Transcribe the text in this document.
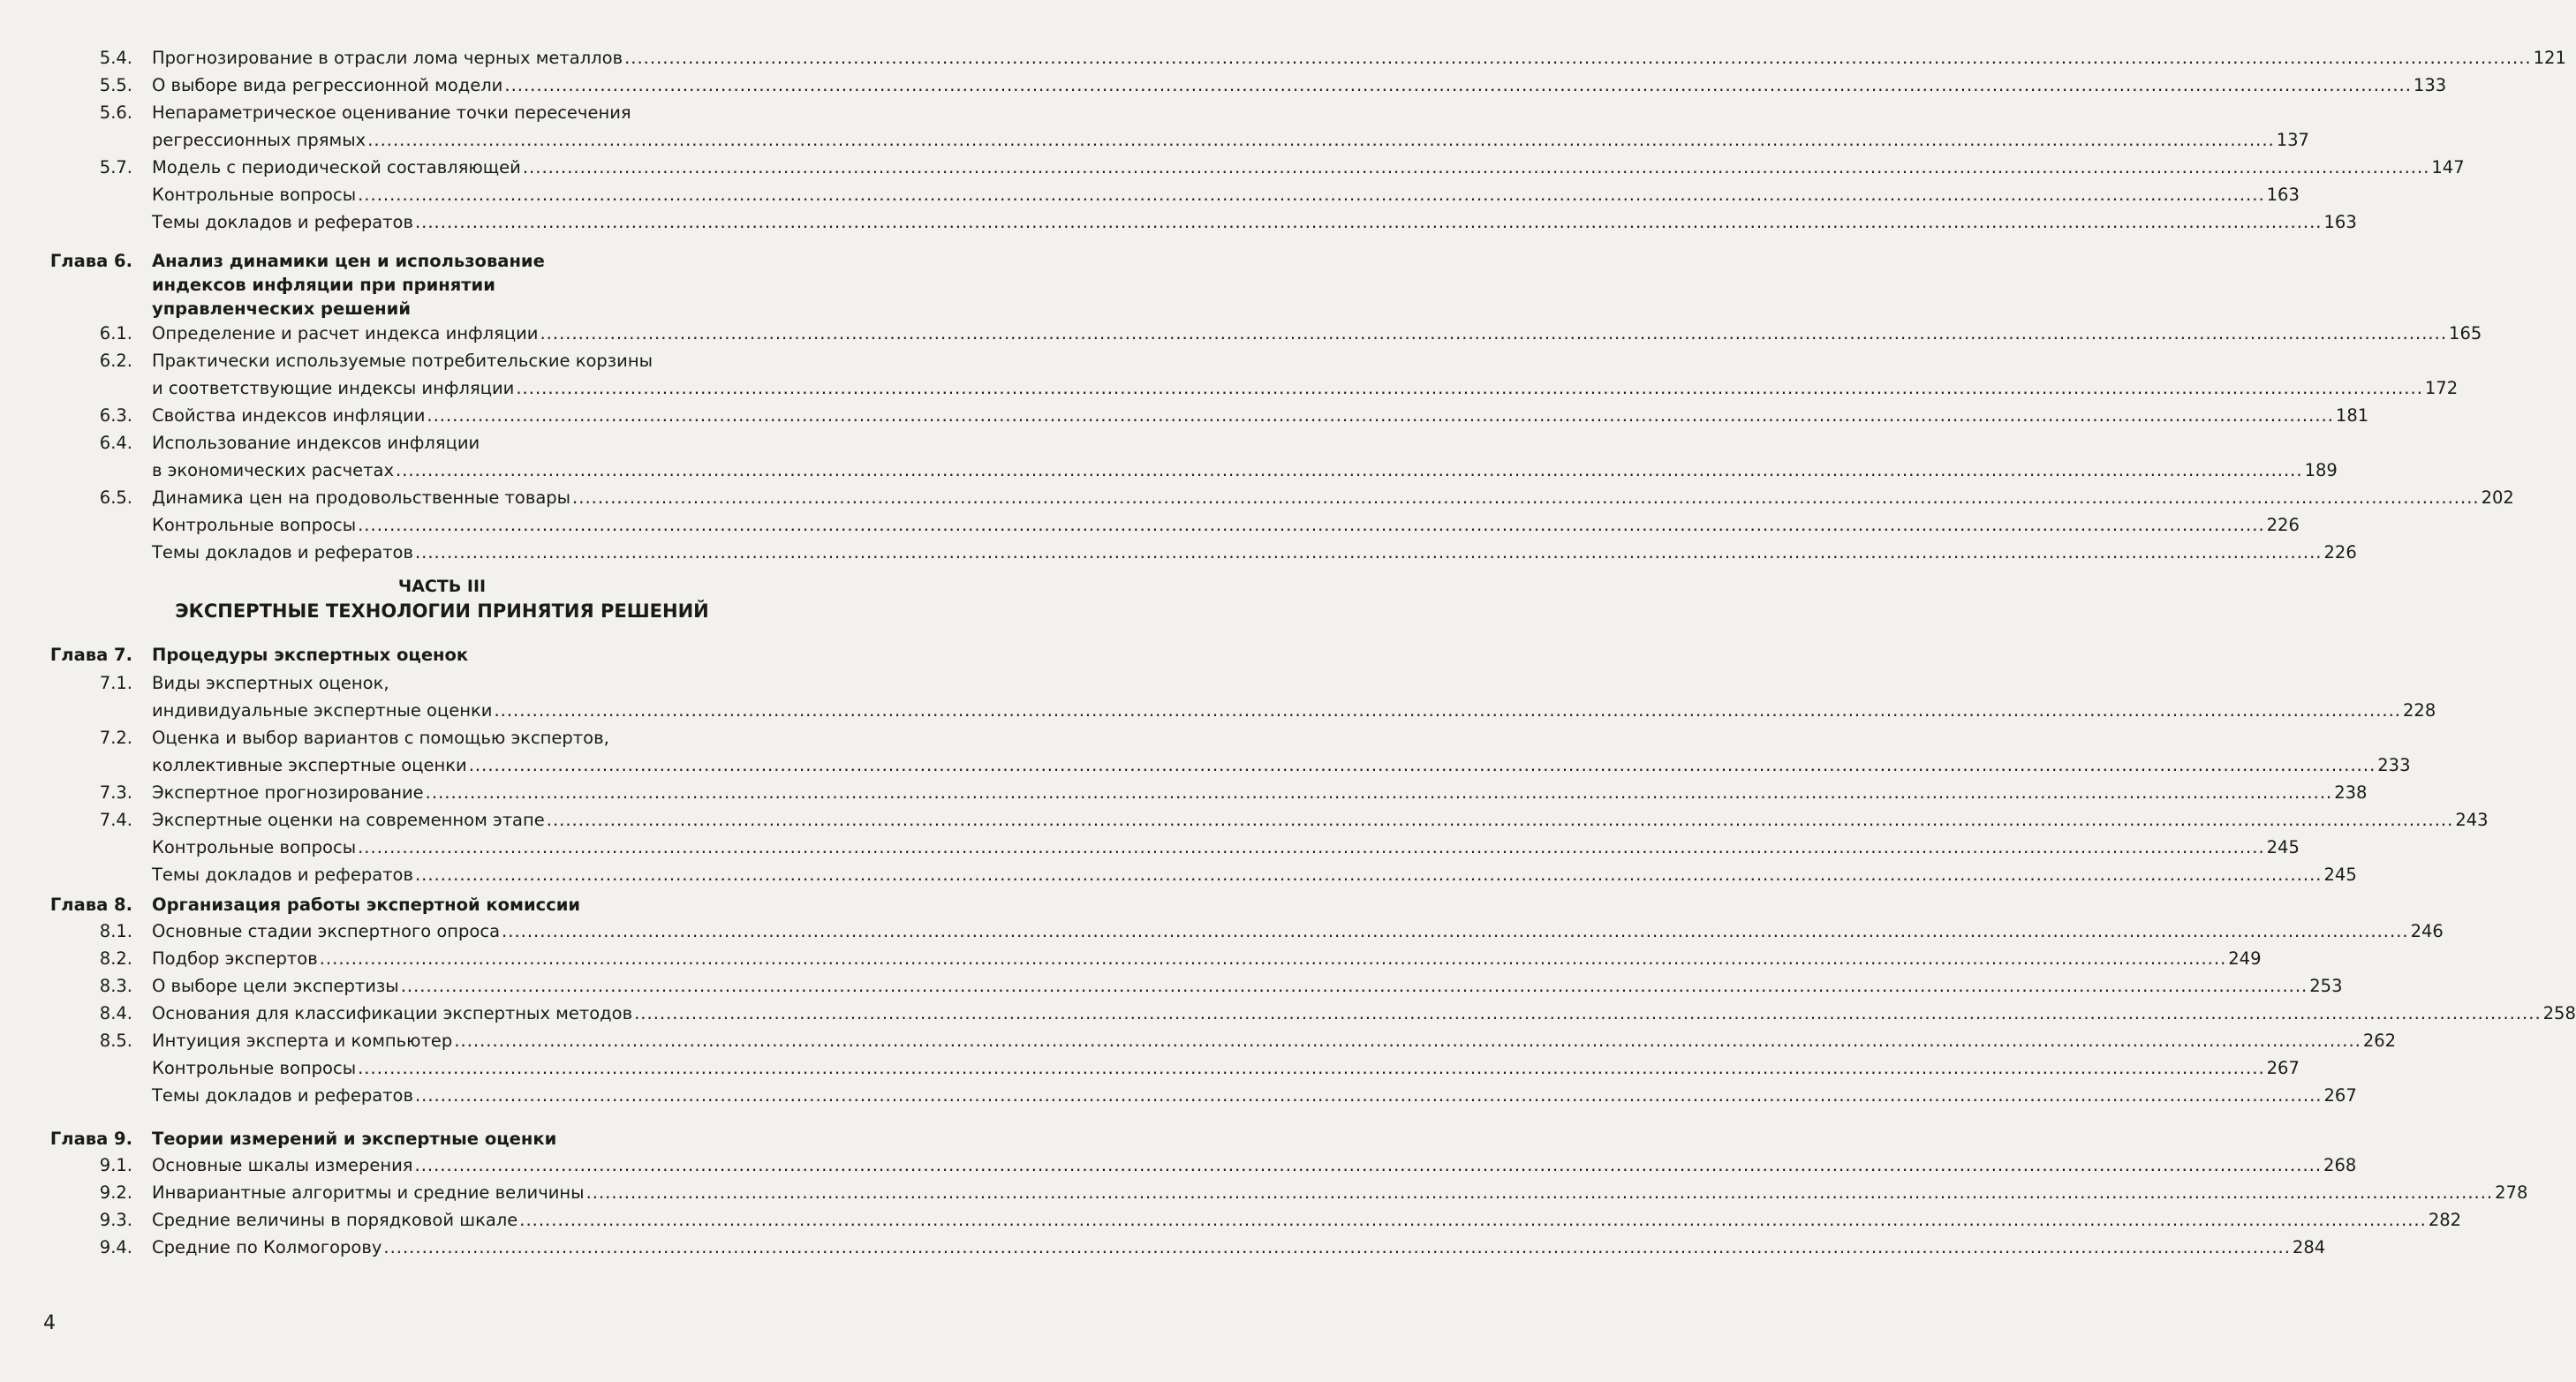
5.4. Прогнозирование в отрасли лома черных металлов ............................................................................................................................................................................................................................................................................................................ 121
5.5. О выборе вида регрессионной модели ............................................................................................................................................................................................................................................................................................................ 133
5.6. Непараметрическое оценивание точки пересечения
регрессионных прямых ............................................................................................................................................................................................................................................................................................................ 137
5.7. Модель с периодической составляющей ............................................................................................................................................................................................................................................................................................................ 147
Контрольные вопросы ............................................................................................................................................................................................................................................................................................................ 163
Темы докладов и рефератов ............................................................................................................................................................................................................................................................................................................ 163
Глава 6. Анализ динамики цен и использование
индексов инфляции при принятии
управленческих решений
6.1. Определение и расчет индекса инфляции ............................................................................................................................................................................................................................................................................................................ 165
6.2. Практически используемые потребительские корзины
и соответствующие индексы инфляции ............................................................................................................................................................................................................................................................................................................ 172
6.3. Свойства индексов инфляции ............................................................................................................................................................................................................................................................................................................ 181
6.4. Использование индексов инфляции
в экономических расчетах ............................................................................................................................................................................................................................................................................................................ 189
6.5. Динамика цен на продовольственные товары ............................................................................................................................................................................................................................................................................................................ 202
Контрольные вопросы ............................................................................................................................................................................................................................................................................................................ 226
Темы докладов и рефератов ............................................................................................................................................................................................................................................................................................................ 226
ЧАСТЬ III
ЭКСПЕРТНЫЕ ТЕХНОЛОГИИ ПРИНЯТИЯ РЕШЕНИЙ
Глава 7. Процедуры экспертных оценок
7.1. Виды экспертных оценок,
индивидуальные экспертные оценки ............................................................................................................................................................................................................................................................................................................ 228
7.2. Оценка и выбор вариантов с помощью экспертов,
коллективные экспертные оценки ............................................................................................................................................................................................................................................................................................................ 233
7.3. Экспертное прогнозирование ............................................................................................................................................................................................................................................................................................................ 238
7.4. Экспертные оценки на современном этапе ............................................................................................................................................................................................................................................................................................................ 243
Контрольные вопросы ............................................................................................................................................................................................................................................................................................................ 245
Темы докладов и рефератов ............................................................................................................................................................................................................................................................................................................ 245
Глава 8. Организация работы экспертной комиссии
8.1. Основные стадии экспертного опроса ............................................................................................................................................................................................................................................................................................................ 246
8.2. Подбор экспертов ............................................................................................................................................................................................................................................................................................................ 249
8.3. О выборе цели экспертизы ............................................................................................................................................................................................................................................................................................................ 253
8.4. Основания для классификации экспертных методов ............................................................................................................................................................................................................................................................................................................ 258
8.5. Интуиция эксперта и компьютер ............................................................................................................................................................................................................................................................................................................ 262
Контрольные вопросы ............................................................................................................................................................................................................................................................................................................ 267
Темы докладов и рефератов ............................................................................................................................................................................................................................................................................................................ 267
Глава 9. Теории измерений и экспертные оценки
9.1. Основные шкалы измерения ............................................................................................................................................................................................................................................................................................................ 268
9.2. Инвариантные алгоритмы и средние величины ............................................................................................................................................................................................................................................................................................................ 278
9.3. Средние величины в порядковой шкале ............................................................................................................................................................................................................................................................................................................ 282
9.4. Средние по Колмогорову ............................................................................................................................................................................................................................................................................................................ 284
4
